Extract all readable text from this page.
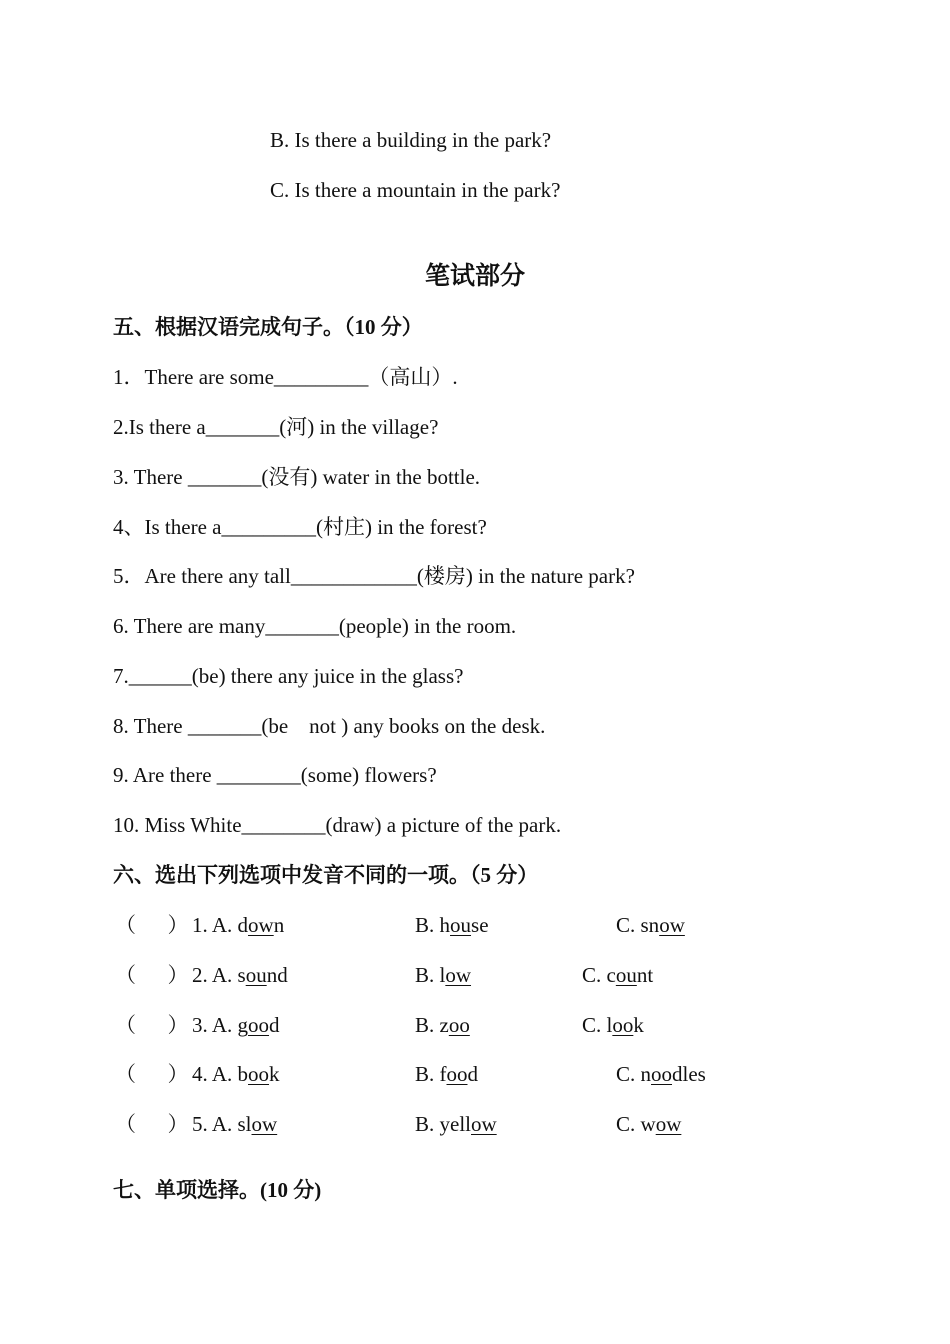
B. Is there a building in the park?
C. Is there a mountain in the park?
笔试部分
五、根据汉语完成句子。（10 分）
1．There are some_________（高山）.
2.Is there a_______(河) in the village?
3. There _______(没有) water in the bottle.
4、Is there a_________(村庄) in the forest?
5．Are there any tall____________(楼房) in the nature park?
6. There are many_______(people) in the room.
7.______(be) there any juice in the glass?
8. There _______(be    not ) any books on the desk.
9. Are there ________(some) flowers?
10. Miss White________(draw) a picture of the park.
六、选出下列选项中发音不同的一项。（5 分）
（      ） 1. A. down	B. house	C. snow
（      ） 2. A. sound	B. low	C. count
（      ） 3. A. good	B. zoo	C. look
（      ） 4. A. book	B. food	C. noodles
（      ） 5. A. slow	B. yellow	C. wow
七、单项选择。(10 分)
